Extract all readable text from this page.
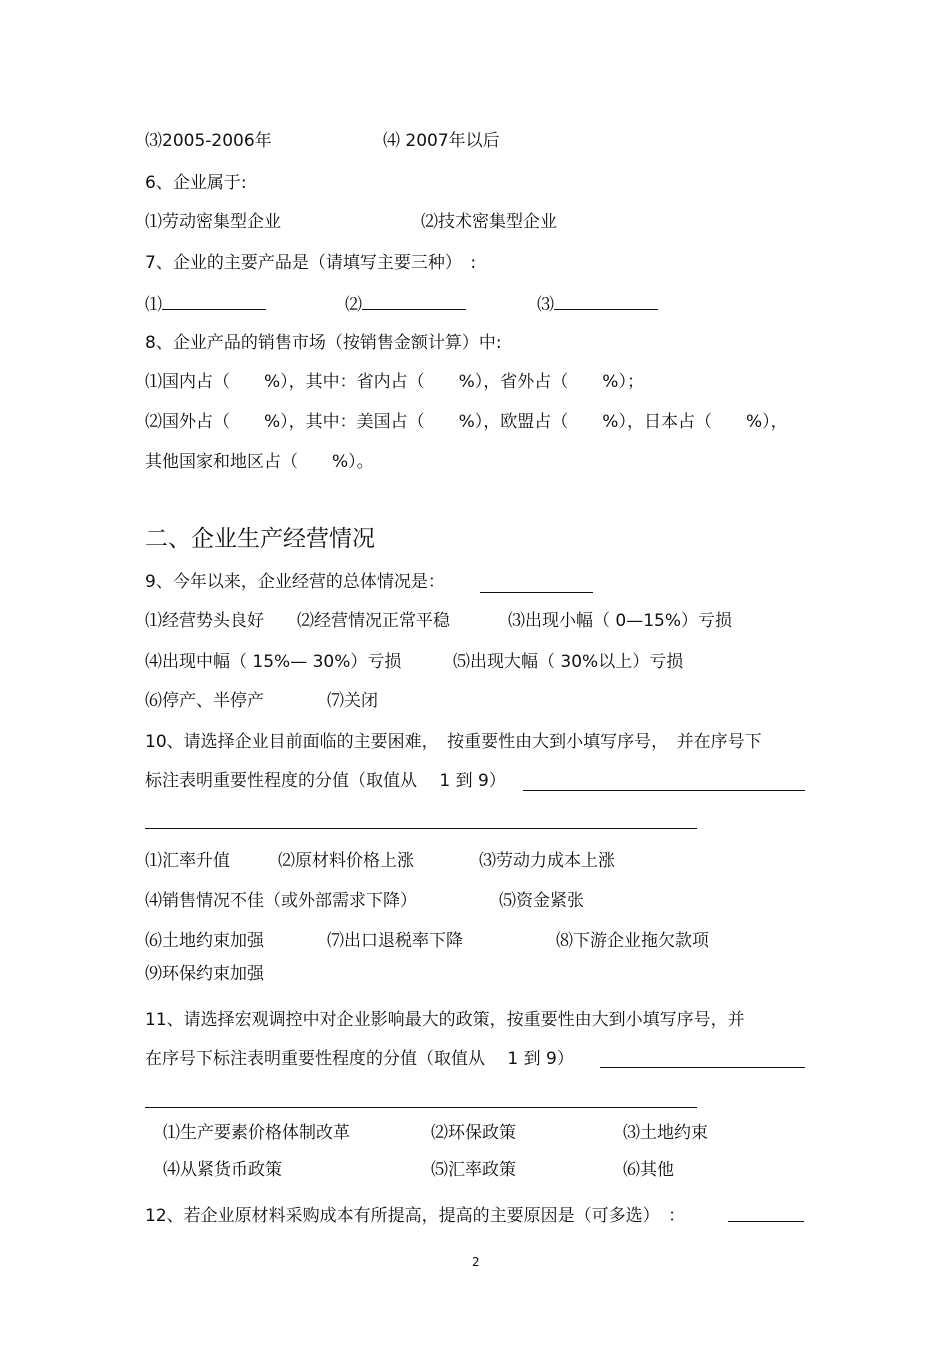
⑶2005-2006年	⑷ 2007年以后
6、企业属于:
⑴劳动密集型企业	⑵技术密集型企业
7、企业的主要产品是（请填写主要三种）　:
⑴	⑵	⑶
8、企业产品的销售市场（按销售金额计算）中:
⑴国内占（　　%），其中：省内占（　　%），省外占（　　%）；
⑵国外占（　　%），其中：美国占（　　%），欧盟占（　　%），日本占（　　%），
其他国家和地区占（　　%）。
二、企业生产经营情况
9、今年以来，企业经营的总体情况是：
⑴经营势头良好 ⑵经营情况正常平稳	⑶出现小幅（ 0—15%）亏损
⑷出现中幅（ 15%— 30%）亏损	⑸出现大幅（ 30%以上）亏损
⑹停产、半停产	⑺关闭
10、请选择企业目前面临的主要困难，　按重要性由大到小填写序号，　并在序号下
标注表明重要性程度的分值（取值从　 1 到 9）
⑴汇率升值	⑵原材料价格上涨	⑶劳动力成本上涨
⑷销售情况不佳（或外部需求下降）	⑸资金紧张
⑹土地约束加强	⑺出口退税率下降	⑻下游企业拖欠款项
⑼环保约束加强
11、请选择宏观调控中对企业影响最大的政策，按重要性由大到小填写序号，并
在序号下标注表明重要性程度的分值（取值从　 1 到 9）
⑴生产要素价格体制改革	⑵环保政策	⑶土地约束
⑷从紧货币政策	⑸汇率政策	⑹其他
12、若企业原材料采购成本有所提高，提高的主要原因是（可多选）　：
2
